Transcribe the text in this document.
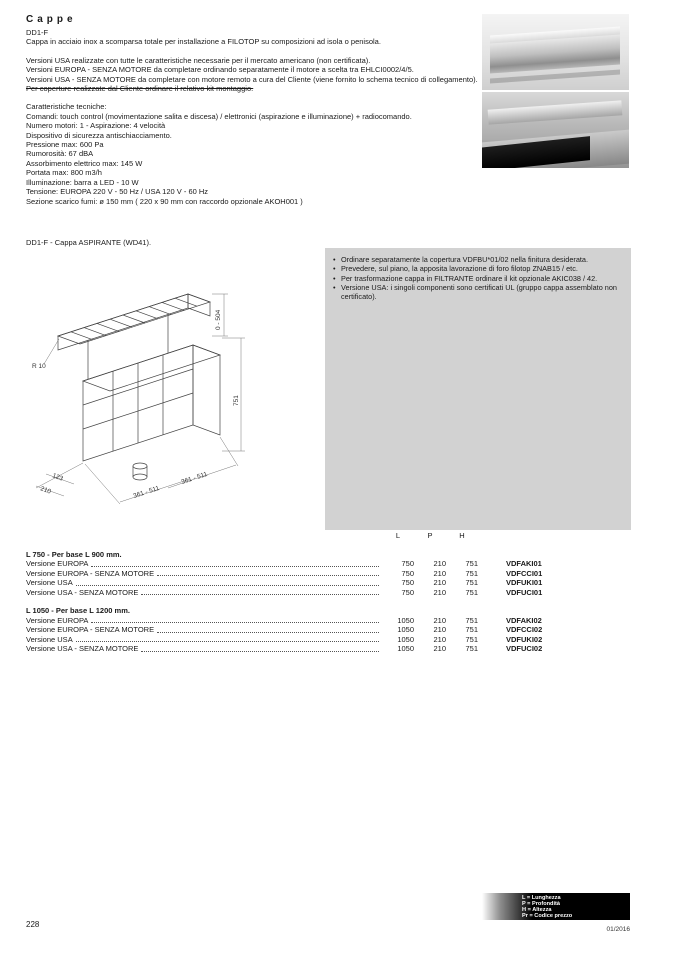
Cappe
DD1-F
Cappa in acciaio inox a scomparsa totale per installazione a FILOTOP su composizioni ad isola o penisola.
Versioni USA realizzate con tutte le caratteristiche necessarie per il mercato americano (non certificata).
Versioni EUROPA - SENZA MOTORE da completare ordinando separatamente il motore a scelta tra EHLCI0002/4/5.
Versioni USA - SENZA MOTORE da completare con motore remoto a cura del Cliente (viene fornito lo schema tecnico di collegamento).
Per coperture realizzate dal Cliente ordinare il relativo kit montaggio.
Caratteristiche tecniche:
Comandi: touch control (movimentazione salita e discesa) / elettronici (aspirazione e illuminazione) + radiocomando.
Numero motori: 1 - Aspirazione: 4 velocità
Dispositivo di sicurezza antischiacciamento.
Pressione max: 600 Pa
Rumorosità: 67 dBA
Assorbimento elettrico max: 145 W
Portata max: 800 m3/h
Illuminazione: barra a LED - 10 W
Tensione: EUROPA 220 V - 50 Hz / USA 120 V - 60 Hz
Sezione scarico fumi: ø 150 mm ( 220 x 90 mm con raccordo opzionale AKOH001 )
DD1-F - Cappa ASPIRANTE (WD41).
• Ordinare separatamente la copertura VDFBU*01/02 nella finitura desiderata.
• Prevedere, sul piano, la apposita lavorazione di foro filotop ZNAB15 / etc.
• Per trasformazione cappa in FILTRANTE ordinare il kit opzionale AKIC038 / 42.
• Versione USA: i singoli componenti sono certificati UL (gruppo cappa assemblato non certificato).
R 10
0 - 504
751
123
210	361 - 511
361 - 511
L	P	H
L 750 - Per base L 900 mm.
Versione EUROPA	750	210	751	VDFAKI01
Versione EUROPA - SENZA MOTORE	750	210	751	VDFCCI01
Versione USA	750	210	751	VDFUKI01
Versione USA - SENZA MOTORE	750	210	751	VDFUCI01
L 1050 - Per base L 1200 mm.
Versione EUROPA	1050	210	751	VDFAKI02
Versione EUROPA - SENZA MOTORE	1050	210	751	VDFCCI02
Versione USA	1050	210	751	VDFUKI02
Versione USA - SENZA MOTORE	1050	210	751	VDFUCI02
228
L = Lunghezza
P = Profondità
H = Altezza
Pr = Codice prezzo
01/2016
